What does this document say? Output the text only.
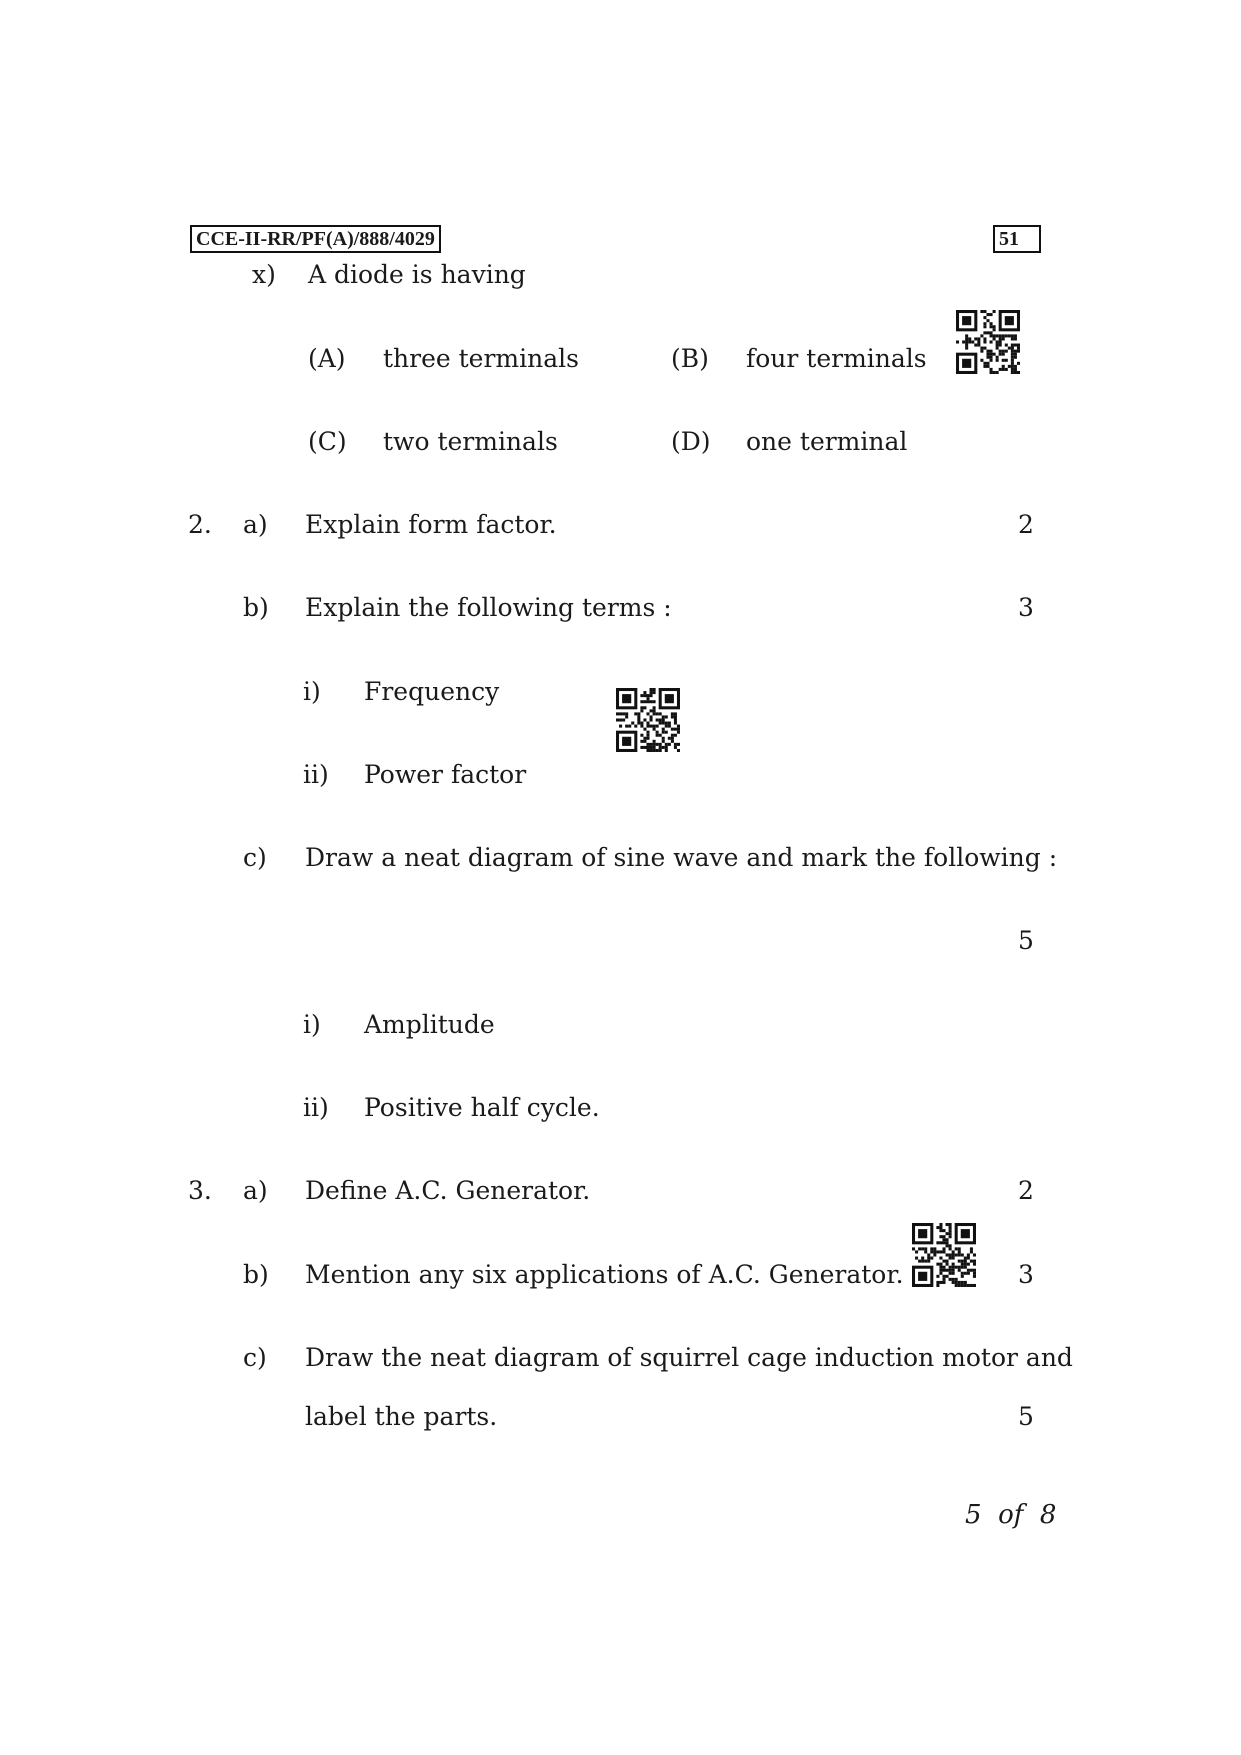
CCE-II-RR/PF(A)/888/4029	51
x) A diode is having
(A) three terminals	(B) four terminals
(C) two terminals	(D) one terminal
2. a) Explain form factor.	2
b) Explain the following terms :	3
i) Frequency
ii) Power factor
c) Draw a neat diagram of sine wave and mark the following :
5
i) Amplitude
ii) Positive half cycle.
3. a) Define A.C. Generator.	2
b) Mention any six applications of A.C. Generator.	3
c) Draw the neat diagram of squirrel cage induction motor and
label the parts.	5
5 of 8
